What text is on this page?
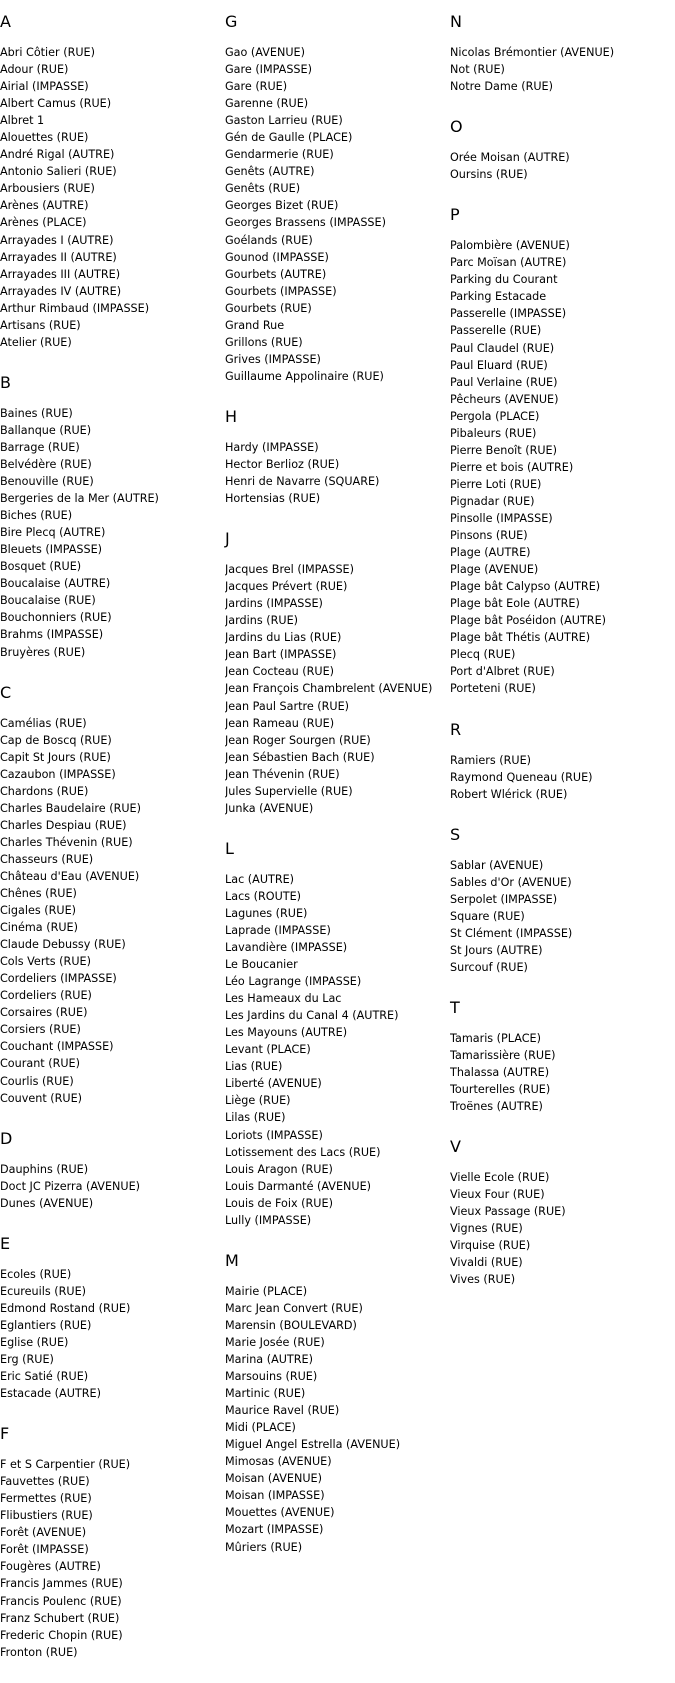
A
Abri Côtier (RUE)
Adour (RUE)
Airial (IMPASSE)
Albert Camus (RUE)
Albret 1
Alouettes (RUE)
André Rigal (AUTRE)
Antonio Salieri (RUE)
Arbousiers (RUE)
Arènes (AUTRE)
Arènes (PLACE)
Arrayades I (AUTRE)
Arrayades II (AUTRE)
Arrayades III (AUTRE)
Arrayades IV (AUTRE)
Arthur Rimbaud (IMPASSE)
Artisans (RUE)
Atelier (RUE)
B
Baines (RUE)
Ballanque (RUE)
Barrage (RUE)
Belvédère (RUE)
Benouville (RUE)
Bergeries de la Mer (AUTRE)
Biches (RUE)
Bire Plecq (AUTRE)
Bleuets (IMPASSE)
Bosquet (RUE)
Boucalaise (AUTRE)
Boucalaise (RUE)
Bouchonniers (RUE)
Brahms (IMPASSE)
Bruyères (RUE)
C
Camélias (RUE)
Cap de Boscq (RUE)
Capit St Jours (RUE)
Cazaubon (IMPASSE)
Chardons (RUE)
Charles Baudelaire (RUE)
Charles Despiau (RUE)
Charles Thévenin (RUE)
Chasseurs (RUE)
Château d'Eau (AVENUE)
Chênes (RUE)
Cigales (RUE)
Cinéma (RUE)
Claude Debussy (RUE)
Cols Verts (RUE)
Cordeliers (IMPASSE)
Cordeliers (RUE)
Corsaires (RUE)
Corsiers (RUE)
Couchant (IMPASSE)
Courant (RUE)
Courlis (RUE)
Couvent (RUE)
D
Dauphins (RUE)
Doct JC Pizerra (AVENUE)
Dunes (AVENUE)
E
Ecoles (RUE)
Ecureuils (RUE)
Edmond Rostand (RUE)
Eglantiers (RUE)
Eglise (RUE)
Erg (RUE)
Eric Satié (RUE)
Estacade (AUTRE)
F
F et S Carpentier (RUE)
Fauvettes (RUE)
Fermettes (RUE)
Flibustiers (RUE)
Forêt (AVENUE)
Forêt (IMPASSE)
Fougères (AUTRE)
Francis Jammes (RUE)
Francis Poulenc (RUE)
Franz Schubert (RUE)
Frederic Chopin (RUE)
Fronton (RUE)
G
Gao (AVENUE)
Gare (IMPASSE)
Gare (RUE)
Garenne (RUE)
Gaston Larrieu (RUE)
Gén de Gaulle (PLACE)
Gendarmerie (RUE)
Genêts (AUTRE)
Genêts (RUE)
Georges Bizet (RUE)
Georges Brassens (IMPASSE)
Goélands (RUE)
Gounod (IMPASSE)
Gourbets (AUTRE)
Gourbets (IMPASSE)
Gourbets (RUE)
Grand Rue
Grillons (RUE)
Grives (IMPASSE)
Guillaume Appolinaire (RUE)
H
Hardy (IMPASSE)
Hector Berlioz (RUE)
Henri de Navarre (SQUARE)
Hortensias (RUE)
J
Jacques Brel (IMPASSE)
Jacques Prévert (RUE)
Jardins (IMPASSE)
Jardins (RUE)
Jardins du Lias (RUE)
Jean Bart (IMPASSE)
Jean Cocteau (RUE)
Jean François Chambrelent (AVENUE)
Jean Paul Sartre (RUE)
Jean Rameau (RUE)
Jean Roger Sourgen (RUE)
Jean Sébastien Bach (RUE)
Jean Thévenin (RUE)
Jules Supervielle (RUE)
Junka (AVENUE)
L
Lac (AUTRE)
Lacs (ROUTE)
Lagunes (RUE)
Laprade (IMPASSE)
Lavandière (IMPASSE)
Le Boucanier
Léo Lagrange (IMPASSE)
Les Hameaux du Lac
Les Jardins du Canal 4 (AUTRE)
Les Mayouns (AUTRE)
Levant (PLACE)
Lias (RUE)
Liberté (AVENUE)
Liège (RUE)
Lilas (RUE)
Loriots (IMPASSE)
Lotissement des Lacs (RUE)
Louis Aragon (RUE)
Louis Darmanté (AVENUE)
Louis de Foix (RUE)
Lully (IMPASSE)
M
Mairie (PLACE)
Marc Jean Convert (RUE)
Marensin (BOULEVARD)
Marie Josée (RUE)
Marina (AUTRE)
Marsouins (RUE)
Martinic (RUE)
Maurice Ravel (RUE)
Midi (PLACE)
Miguel Angel Estrella (AVENUE)
Mimosas (AVENUE)
Moisan (AVENUE)
Moisan (IMPASSE)
Mouettes (AVENUE)
Mozart (IMPASSE)
Mûriers (RUE)
N
Nicolas Brémontier (AVENUE)
Not (RUE)
Notre Dame (RUE)
O
Orée Moisan (AUTRE)
Oursins (RUE)
P
Palombière (AVENUE)
Parc Moïsan (AUTRE)
Parking du Courant
Parking Estacade
Passerelle (IMPASSE)
Passerelle (RUE)
Paul Claudel (RUE)
Paul Eluard (RUE)
Paul Verlaine (RUE)
Pêcheurs (AVENUE)
Pergola (PLACE)
Pibaleurs (RUE)
Pierre Benoît (RUE)
Pierre et bois (AUTRE)
Pierre Loti (RUE)
Pignadar (RUE)
Pinsolle (IMPASSE)
Pinsons (RUE)
Plage (AUTRE)
Plage (AVENUE)
Plage bât Calypso (AUTRE)
Plage bât Eole (AUTRE)
Plage bât Poséidon (AUTRE)
Plage bât Thétis (AUTRE)
Plecq (RUE)
Port d'Albret (RUE)
Porteteni (RUE)
R
Ramiers (RUE)
Raymond Queneau (RUE)
Robert Wlérick (RUE)
S
Sablar (AVENUE)
Sables d'Or (AVENUE)
Serpolet (IMPASSE)
Square (RUE)
St Clément (IMPASSE)
St Jours (AUTRE)
Surcouf (RUE)
T
Tamaris (PLACE)
Tamarissière (RUE)
Thalassa (AUTRE)
Tourterelles (RUE)
Troënes (AUTRE)
V
Vielle Ecole (RUE)
Vieux Four (RUE)
Vieux Passage (RUE)
Vignes (RUE)
Virquise (RUE)
Vivaldi (RUE)
Vives (RUE)
